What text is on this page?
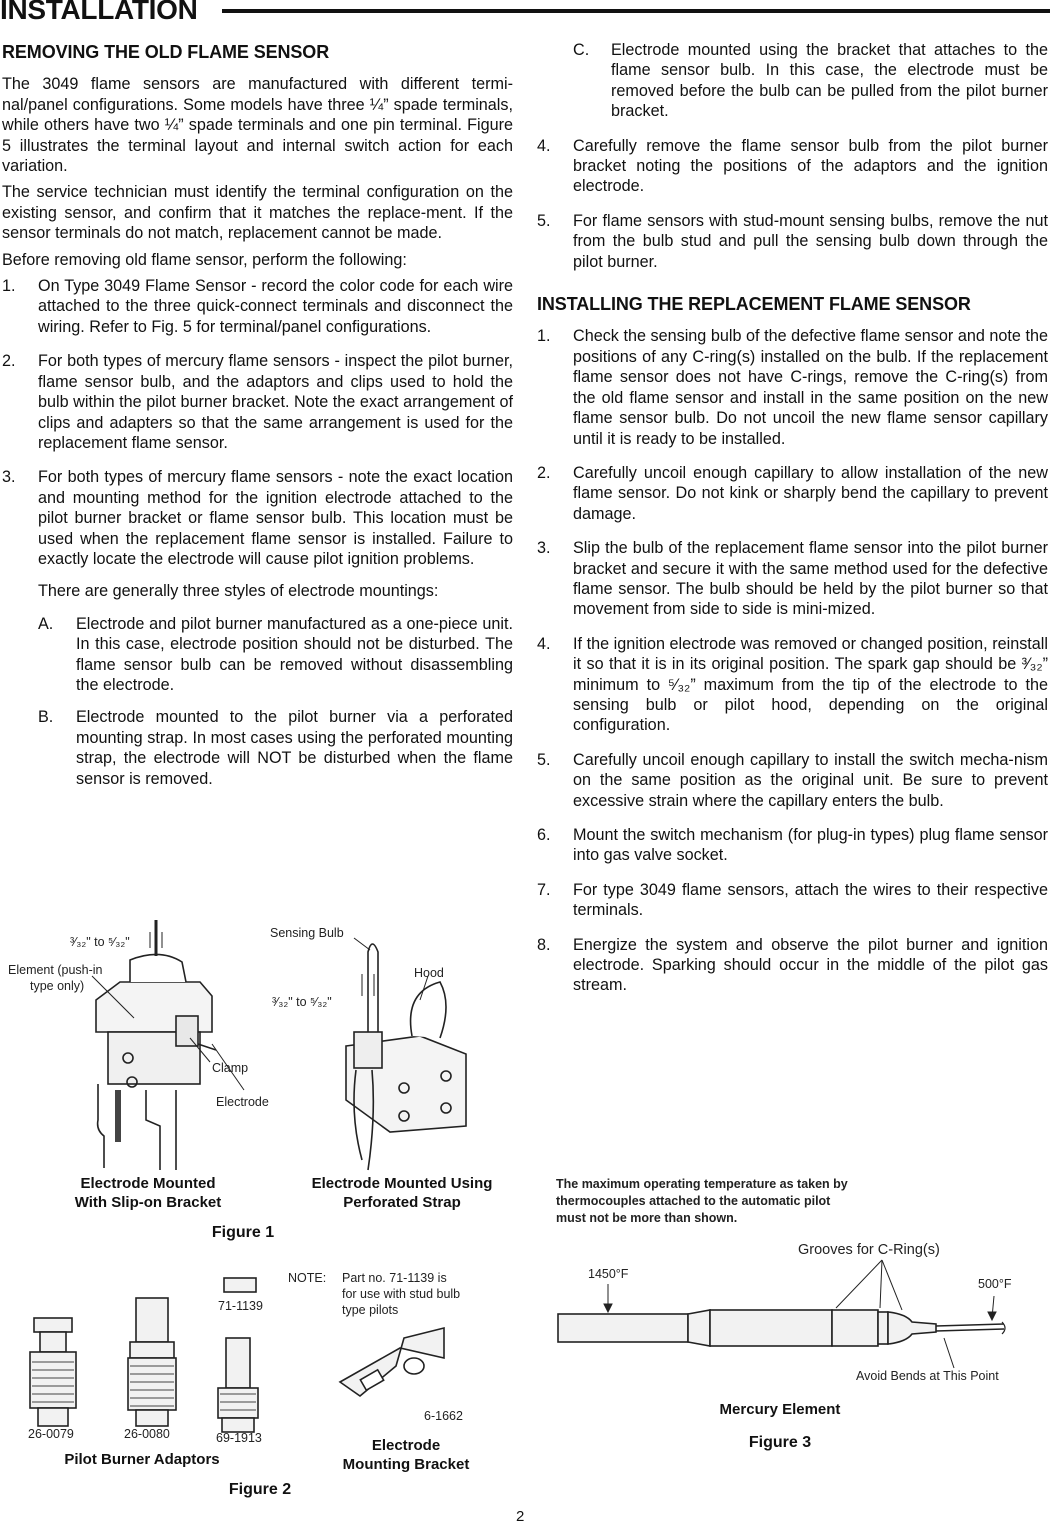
INSTALLATION
REMOVING THE OLD FLAME SENSOR

The 3049 flame sensors are manufactured with different termi-nal/panel configurations. Some models have three ¼” spade terminals, while others have two ¼” spade terminals and one pin terminal. Figure 5 illustrates the terminal layout and internal switch action for each variation.

The service technician must identify the terminal configuration on the existing sensor, and confirm that it matches the replace-ment. If the sensor terminals do not match, replacement cannot be made.

Before removing old flame sensor, perform the following:

1. On Type 3049 Flame Sensor - record the color code for each wire attached to the three quick-connect terminals and disconnect the wiring. Refer to Fig. 5 for terminal/panel configurations.

2. For both types of mercury flame sensors - inspect the pilot burner, flame sensor bulb, and the adaptors and clips used to hold the bulb within the pilot burner bracket. Note the exact arrangement of clips and adapters so that the same arrangement is used for the replacement flame sensor.

3. For both types of mercury flame sensors - note the exact location and mounting method for the ignition electrode attached to the pilot burner bracket or flame sensor bulb. This location must be used when the replacement flame sensor is installed. Failure to exactly locate the electrode will cause pilot ignition problems.

There are generally three styles of electrode mountings:

A. Electrode and pilot burner manufactured as a one-piece unit. In this case, electrode position should not be disturbed. The flame sensor bulb can be removed without disassembling the electrode.

B. Electrode mounted to the pilot burner via a perforated mounting strap. In most cases using the perforated mounting strap, the electrode will NOT be disturbed when the flame sensor is removed.

C. Electrode mounted using the bracket that attaches to the flame sensor bulb. In this case, the electrode must be removed before the bulb can be pulled from the pilot burner bracket.

4. Carefully remove the flame sensor bulb from the pilot burner bracket noting the positions of the adaptors and the ignition electrode.

5. For flame sensors with stud-mount sensing bulbs, remove the nut from the bulb stud and pull the sensing bulb down through the pilot burner.

INSTALLING THE REPLACEMENT FLAME SENSOR
1. Check the sensing bulb of the defective flame sensor and note the positions of any C-ring(s) installed on the bulb. If the replacement flame sensor does not have C-rings, remove the C-ring(s) from the old flame sensor and install in the same position on the new flame sensor bulb. Do not uncoil the new flame sensor capillary until it is ready to be installed.

2. Carefully uncoil enough capillary to allow installation of the new flame sensor. Do not kink or sharply bend the capillary to prevent damage.

3. Slip the bulb of the replacement flame sensor into the pilot burner bracket and secure it with the same method used for the defective flame sensor. The bulb should be held by the pilot burner so that movement from side to side is mini-mized.

4. If the ignition electrode was removed or changed position, reinstall it so that it is in its original position. The spark gap should be ³⁄₃₂” minimum to ⁵⁄₃₂” maximum from the tip of the electrode to the sensing bulb or pilot hood, depending on the original configuration.

5. Carefully uncoil enough capillary to install the switch mecha-nism on the same position as the original unit. Be sure to prevent excessive strain where the capillary enters the bulb.

6. Mount the switch mechanism (for plug-in types) plug flame sensor into gas valve socket.

7. For type 3049 flame sensors, attach the wires to their respective terminals.

8. Energize the system and observe the pilot burner and ignition electrode. Sparking should occur in the middle of the pilot gas stream.

³⁄₃₂" to ⁵⁄₃₂"
Element (push-in
type only)
Clamp
Electrode
Sensing Bulb
Hood
³⁄₃₂" to ⁵⁄₃₂"
Electrode Mounted
With Slip-on Bracket
Electrode Mounted Using
Perforated Strap
Figure 1
26-0079	26-0080
71-1139
69-1913
6-1662
NOTE: Part no. 71-1139 is
for use with stud bulb
type pilots
Pilot Burner Adaptors
Electrode
Mounting Bracket
Figure 2
The maximum operating temperature as taken by
thermocouples attached to the automatic pilot
must not be more than shown.
Grooves for C-Ring(s)
1450°F
500°F
Avoid Bends at This Point
Mercury Element
Figure 3
2
